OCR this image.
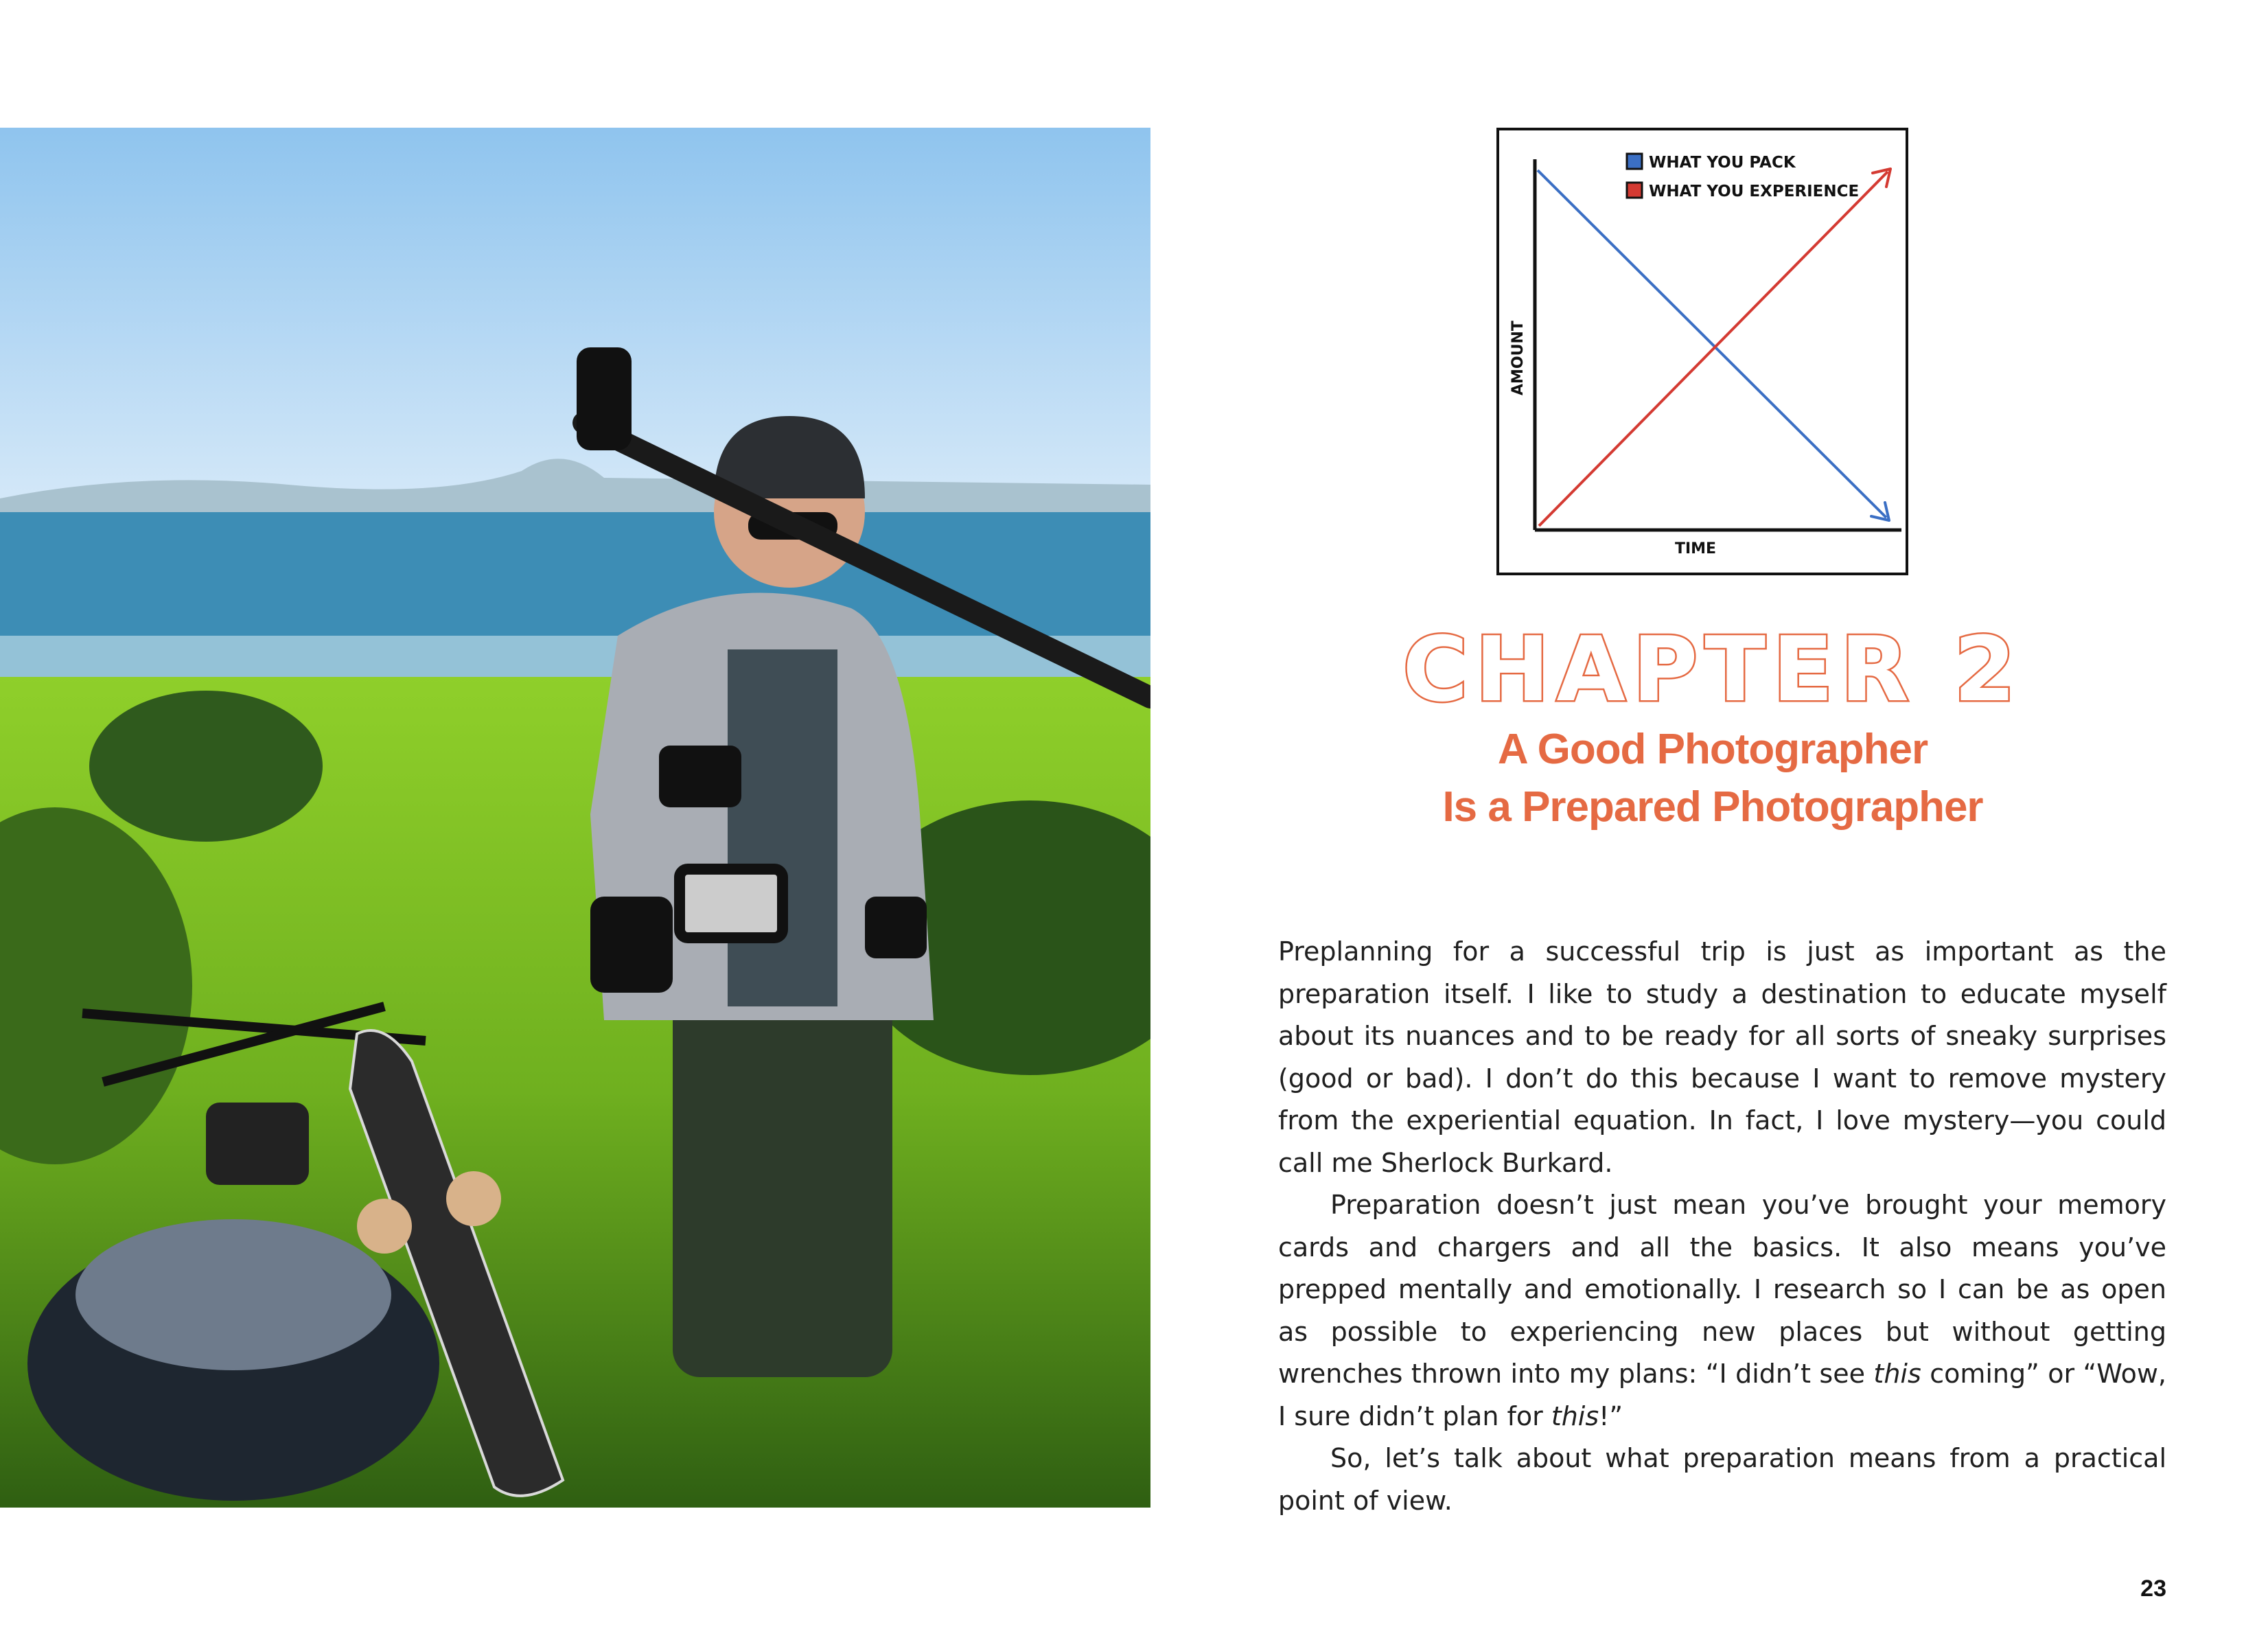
WHAT YOU PACK
WHAT YOU EXPERIENCE
AMOUNT
TIME
CHAPTER 2
A Good Photographer
Is a Prepared Photographer

Preplanning for a successful trip is just as important as the preparation itself. I like to study a destination to educate myself about its nuances and to be ready for all sorts of sneaky surprises (good or bad). I don’t do this because I want to remove mystery from the experiential equation. In fact, I love mystery—you could call me Sherlock Burkard.

Preparation doesn’t just mean you’ve brought your memory cards and chargers and all the basics. It also means you’ve prepped mentally and emotionally. I research so I can be as open as possible to experiencing new places but without getting wrenches thrown into my plans: “I didn’t see this coming” or “Wow, I sure didn’t plan for this!”

So, let’s talk about what preparation means from a practical point of view.

23
